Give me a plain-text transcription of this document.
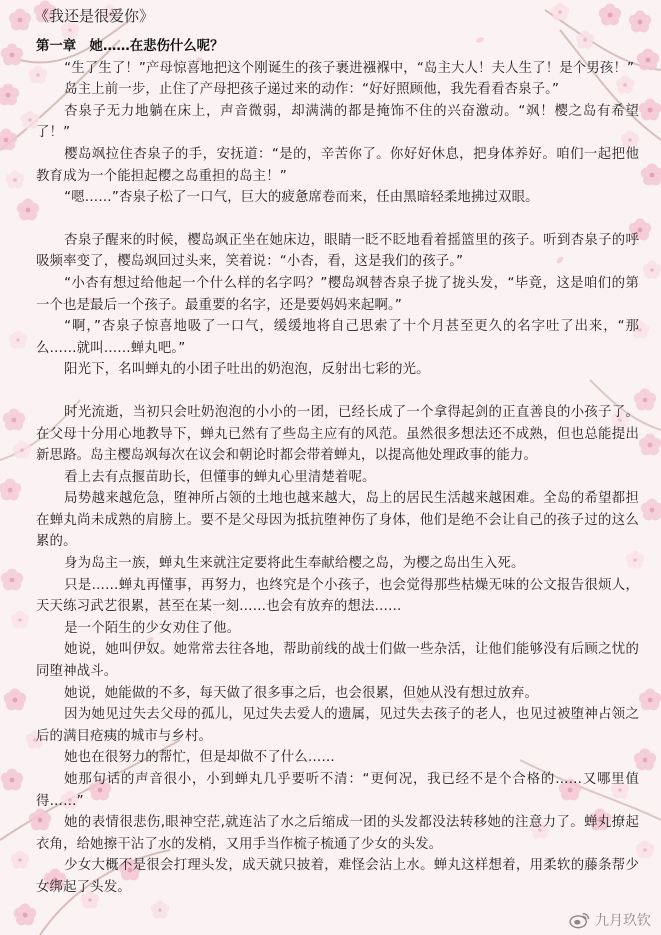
《我还是很爱你》
第一章　她……在悲伤什么呢？

“生了生了！”产母惊喜地把这个刚诞生的孩子裹进襁褓中，“岛主大人！夫人生了！是个男孩！”

岛主上前一步，止住了产母把孩子递过来的动作：“好好照顾他，我先看看杏泉子。”

杏泉子无力地躺在床上，声音微弱，却满满的都是掩饰不住的兴奋激动。“飒！樱之岛有希望了！”

樱岛飒拉住杏泉子的手，安抚道：“是的，辛苦你了。你好好休息，把身体养好。咱们一起把他教育成为一个能担起樱之岛重担的岛主！”

“嗯……”杏泉子松了一口气，巨大的疲惫席卷而来，任由黑暗轻柔地拂过双眼。

杏泉子醒来的时候，樱岛飒正坐在她床边，眼睛一眨不眨地看着摇篮里的孩子。听到杏泉子的呼吸频率变了，樱岛飒回过头来，笑着说：“小杏，看，这是我们的孩子。”

“小杏有想过给他起一个什么样的名字吗？”樱岛飒替杏泉子拢了拢头发，“毕竟，这是咱们的第一个也是最后一个孩子。最重要的名字，还是要妈妈来起啊。”

“啊，”杏泉子惊喜地吸了一口气，缓缓地将自己思索了十个月甚至更久的名字吐了出来，“那么……就叫……蝉丸吧。”

阳光下，名叫蝉丸的小团子吐出的奶泡泡，反射出七彩的光。

时光流逝，当初只会吐奶泡泡的小小的一团，已经长成了一个拿得起剑的正直善良的小孩子了。在父母十分用心地教导下，蝉丸已然有了些岛主应有的风范。虽然很多想法还不成熟，但也总能提出新思路。岛主樱岛飒每次在议会和朝论时都会带着蝉丸，以提高他处理政事的能力。

看上去有点揠苗助长，但懂事的蝉丸心里清楚着呢。

局势越来越危急，堕神所占领的土地也越来越大，岛上的居民生活越来越困难。全岛的希望都担在蝉丸尚未成熟的肩膀上。要不是父母因为抵抗堕神伤了身体，他们是绝不会让自己的孩子过的这么累的。

身为岛主一族，蝉丸生来就注定要将此生奉献给樱之岛，为樱之岛出生入死。

只是……蝉丸再懂事，再努力，也终究是个小孩子，也会觉得那些枯燥无味的公文报告很烦人，天天练习武艺很累，甚至在某一刻……也会有放弃的想法……

是一个陌生的少女劝住了他。

她说，她叫伊奴。她常常去往各地，帮助前线的战士们做一些杂活，让他们能够没有后顾之忧的同堕神战斗。

她说，她能做的不多，每天做了很多事之后，也会很累，但她从没有想过放弃。

因为她见过失去父母的孤儿，见过失去爱人的遗属，见过失去孩子的老人，也见过被堕神占领之后的满目疮痍的城市与乡村。

她也在很努力的帮忙，但是却做不了什么……

她那句话的声音很小，小到蝉丸几乎要听不清：“更何况，我已经不是个合格的……又哪里值得……”

她的表情很悲伤,眼神空茫,就连沾了水之后缩成一团的头发都没法转移她的注意力了。蝉丸撩起衣角，给她擦干沾了水的发梢，又用手当作梳子梳通了少女的头发。

少女大概不是很会打理头发，成天就只披着，难怪会沾上水。蝉丸这样想着，用柔软的藤条帮少女绑起了头发。

九月玖钦
